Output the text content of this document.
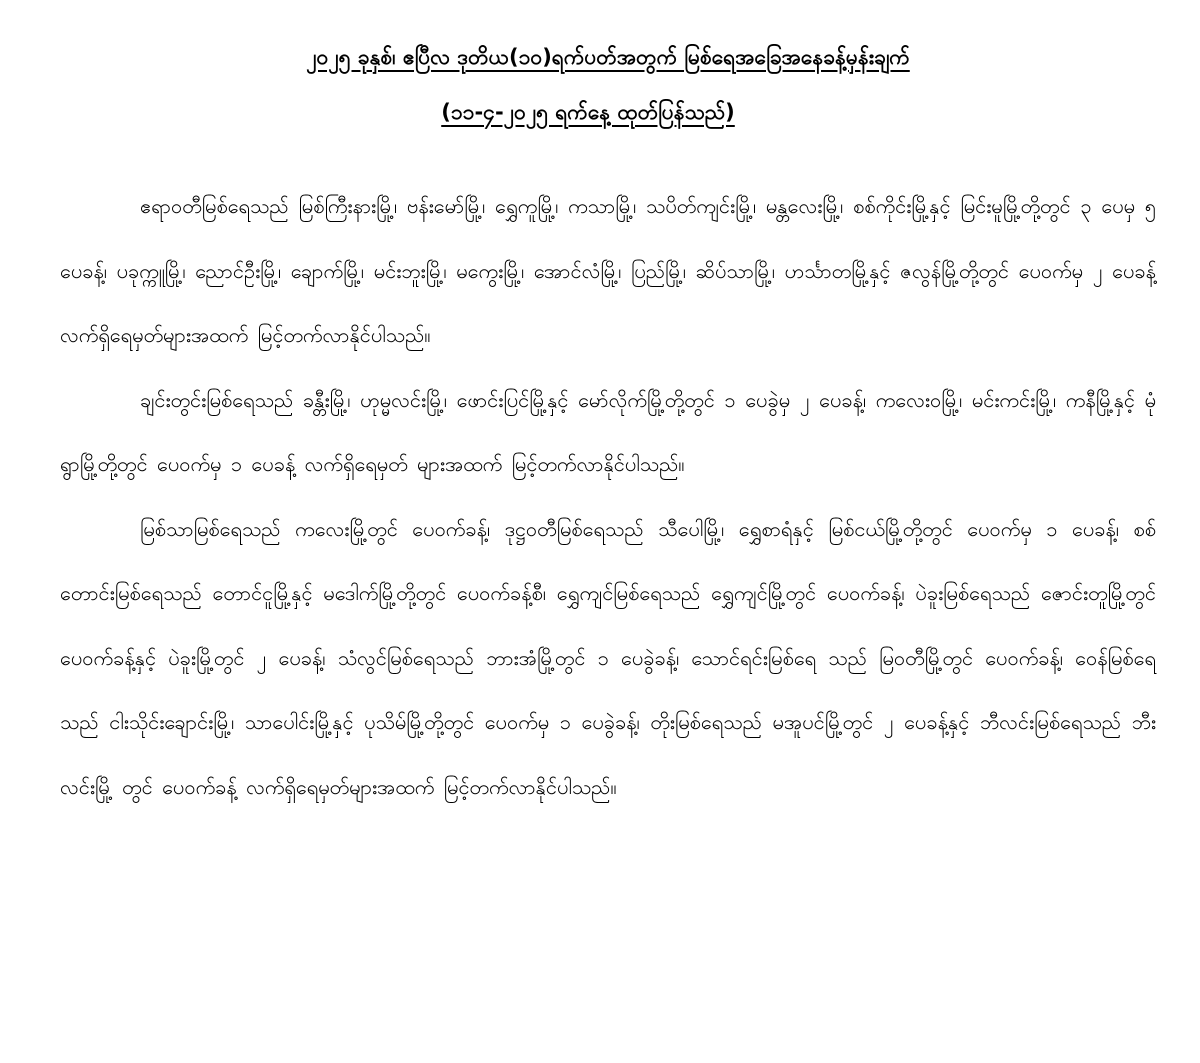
၂၀၂၅ ခုနှစ်၊ ဧပြီလ ဒုတိယ(၁၀)ရက်ပတ်အတွက် မြစ်ရေအခြေအနေခန့်မှန်းချက်
(၁၁-၄-၂၀၂၅ ရက်နေ့ ထုတ်ပြန်သည်)

ဧရာဝတီမြစ်ရေသည် မြစ်ကြီးနားမြို့၊ ဗန်းမော်မြို့၊ ရွှေကူမြို့၊ ကသာမြို့၊ သပိတ်ကျင်းမြို့၊ မန္တလေးမြို့၊ စစ်ကိုင်းမြို့နှင့် မြင်းမူမြို့တို့တွင် ၃ ပေမှ ၅ ပေခန့်၊ ပခုက္ကူမြို့၊ ညောင်ဦးမြို့၊ ချောက်မြို့၊ မင်းဘူးမြို့၊ မကွေးမြို့၊ အောင်လံမြို့၊ ပြည်မြို့၊ ဆိပ်သာမြို့၊ ဟင်္သာတမြို့နှင့် ဇလွန်မြို့တို့တွင် ပေဝက်မှ ၂ ပေခန့် လက်ရှိရေမှတ်များအထက် မြင့်တက်လာနိုင်ပါသည်။

ချင်းတွင်းမြစ်ရေသည် ခန္တီးမြို့၊ ဟုမ္မလင်းမြို့၊ ဖောင်းပြင်မြို့နှင့် မော်လိုက်မြို့တို့တွင် ၁ ပေခွဲမှ ၂ ပေခန့်၊ ကလေးဝမြို့၊ မင်းကင်းမြို့၊ ကနီမြို့နှင့် မုံရွာမြို့တို့တွင် ပေဝက်မှ ၁ ပေခန့် လက်ရှိရေမှတ် များအထက် မြင့်တက်လာနိုင်ပါသည်။

မြစ်သာမြစ်ရေသည် ကလေးမြို့တွင် ပေဝက်ခန့်၊ ဒုဋ္ဌဝတီမြစ်ရေသည် သီပေါမြို့၊ ရွှေစာရံနှင့် မြစ်ငယ်မြို့တို့တွင် ပေဝက်မှ ၁ ပေခန့်၊ စစ်တောင်းမြစ်ရေသည် တောင်ငူမြို့နှင့် မဒေါက်မြို့တို့တွင် ပေဝက်ခန့်စီ၊ ရွှေကျင်မြစ်ရေသည် ရွှေကျင်မြို့တွင် ပေဝက်ခန့်၊ ပဲခူးမြစ်ရေသည် ဇောင်းတူမြို့တွင် ပေဝက်ခန့်နှင့် ပဲခူးမြို့တွင် ၂ ပေခန့်၊ သံလွင်မြစ်ရေသည် ဘားအံမြို့တွင် ၁ ပေခွဲခန့်၊ သောင်ရင်းမြစ်ရေ သည် မြဝတီမြို့တွင် ပေဝက်ခန့်၊ ဝေန်မြစ်ရေသည် ငါးသိုင်းချောင်းမြို့၊ သာပေါင်းမြို့နှင့် ပုသိမ်မြို့တို့တွင် ပေဝက်မှ ၁ ပေခွဲခန့်၊ တိုးမြစ်ရေသည် မအူပင်မြို့တွင် ၂ ပေခန့်နှင့် ဘီလင်းမြစ်ရေသည် ဘီးလင်းမြို့ တွင် ပေဝက်ခန့် လက်ရှိရေမှတ်များအထက် မြင့်တက်လာနိုင်ပါသည်။
